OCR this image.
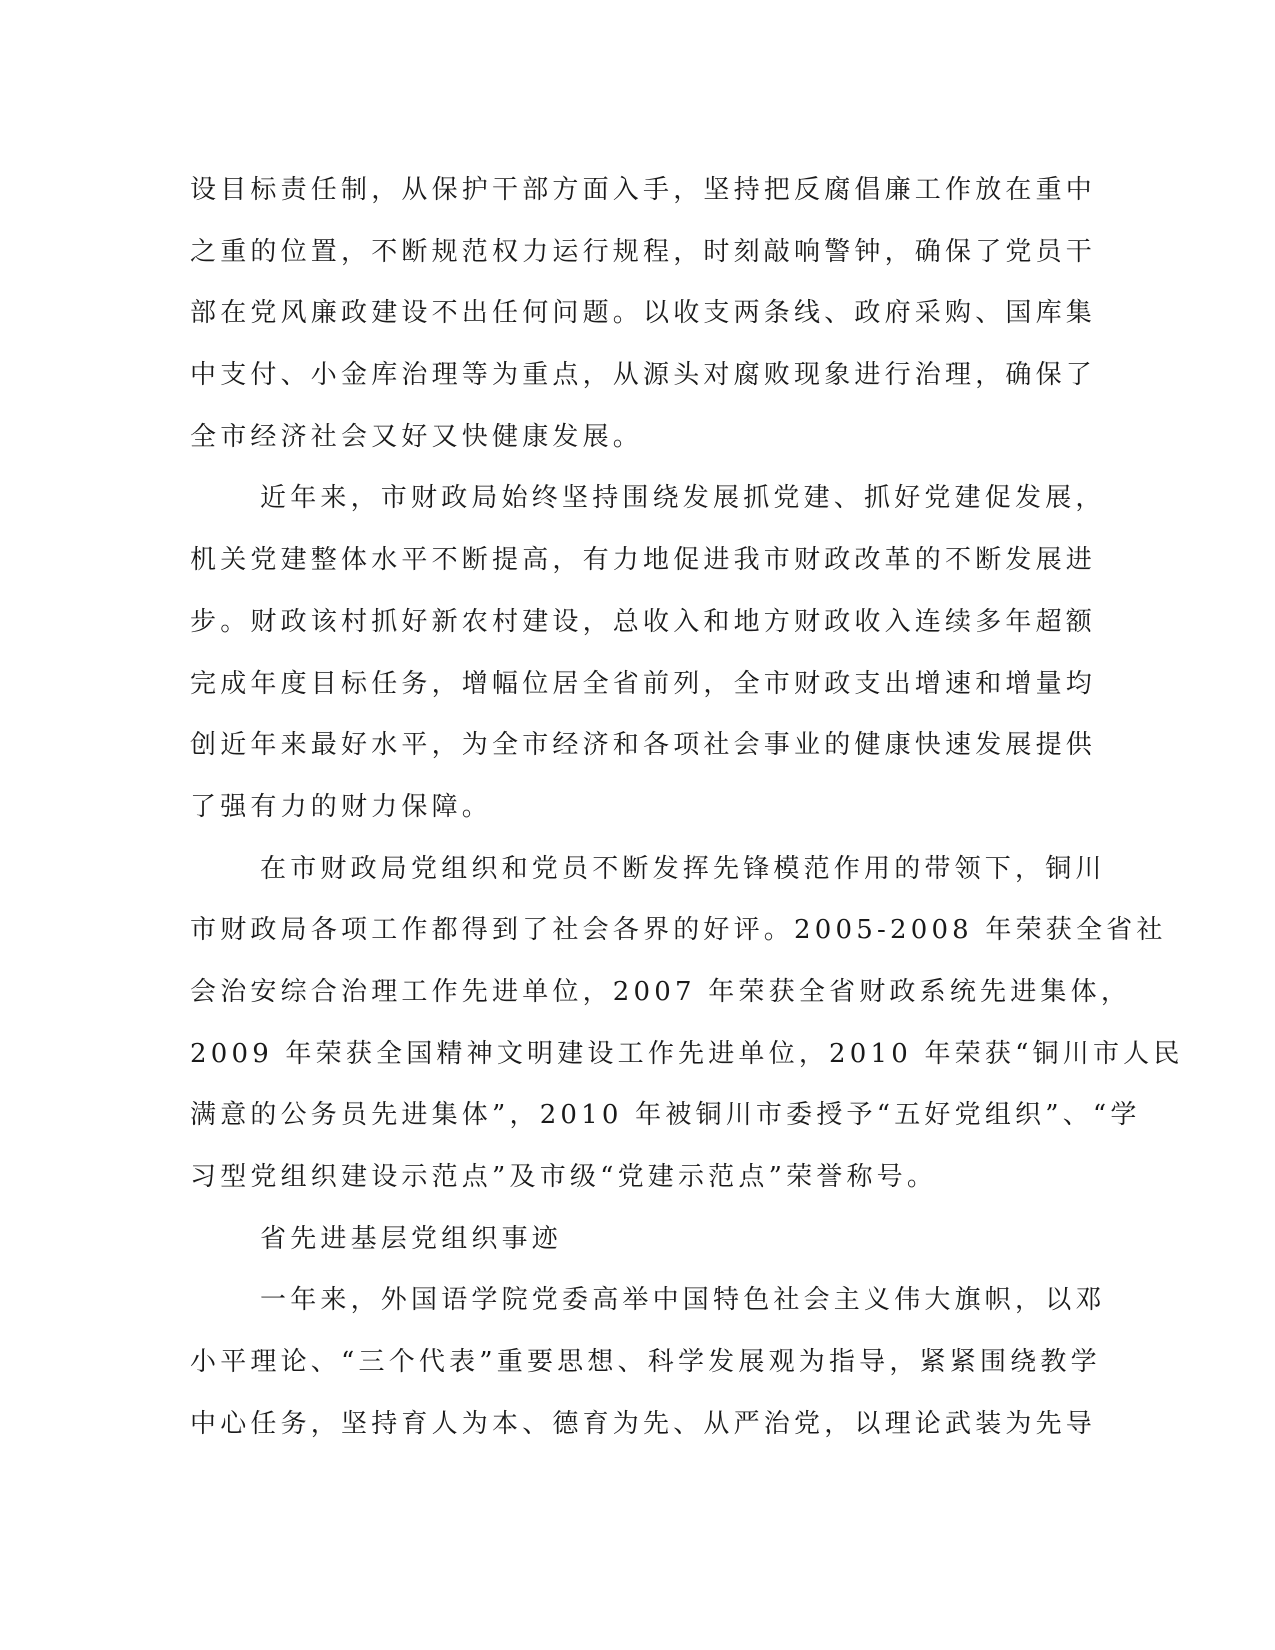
设目标责任制，从保护干部方面入手，坚持把反腐倡廉工作放在重中
之重的位置，不断规范权力运行规程，时刻敲响警钟，确保了党员干
部在党风廉政建设不出任何问题。以收支两条线、政府采购、国库集
中支付、小金库治理等为重点，从源头对腐败现象进行治理，确保了
全市经济社会又好又快健康发展。
近年来，市财政局始终坚持围绕发展抓党建、抓好党建促发展，
机关党建整体水平不断提高，有力地促进我市财政改革的不断发展进
步。财政该村抓好新农村建设，总收入和地方财政收入连续多年超额
完成年度目标任务，增幅位居全省前列，全市财政支出增速和增量均
创近年来最好水平，为全市经济和各项社会事业的健康快速发展提供
了强有力的财力保障。
在市财政局党组织和党员不断发挥先锋模范作用的带领下，铜川
市财政局各项工作都得到了社会各界的好评。2005-2008 年荣获全省社
会治安综合治理工作先进单位，2007 年荣获全省财政系统先进集体，
2009 年荣获全国精神文明建设工作先进单位，2010 年荣获“铜川市人民
满意的公务员先进集体”，2010 年被铜川市委授予“五好党组织”、“学
习型党组织建设示范点”及市级“党建示范点”荣誉称号。
省先进基层党组织事迹
一年来，外国语学院党委高举中国特色社会主义伟大旗帜，以邓
小平理论、“三个代表”重要思想、科学发展观为指导，紧紧围绕教学
中心任务，坚持育人为本、德育为先、从严治党，以理论武装为先导
